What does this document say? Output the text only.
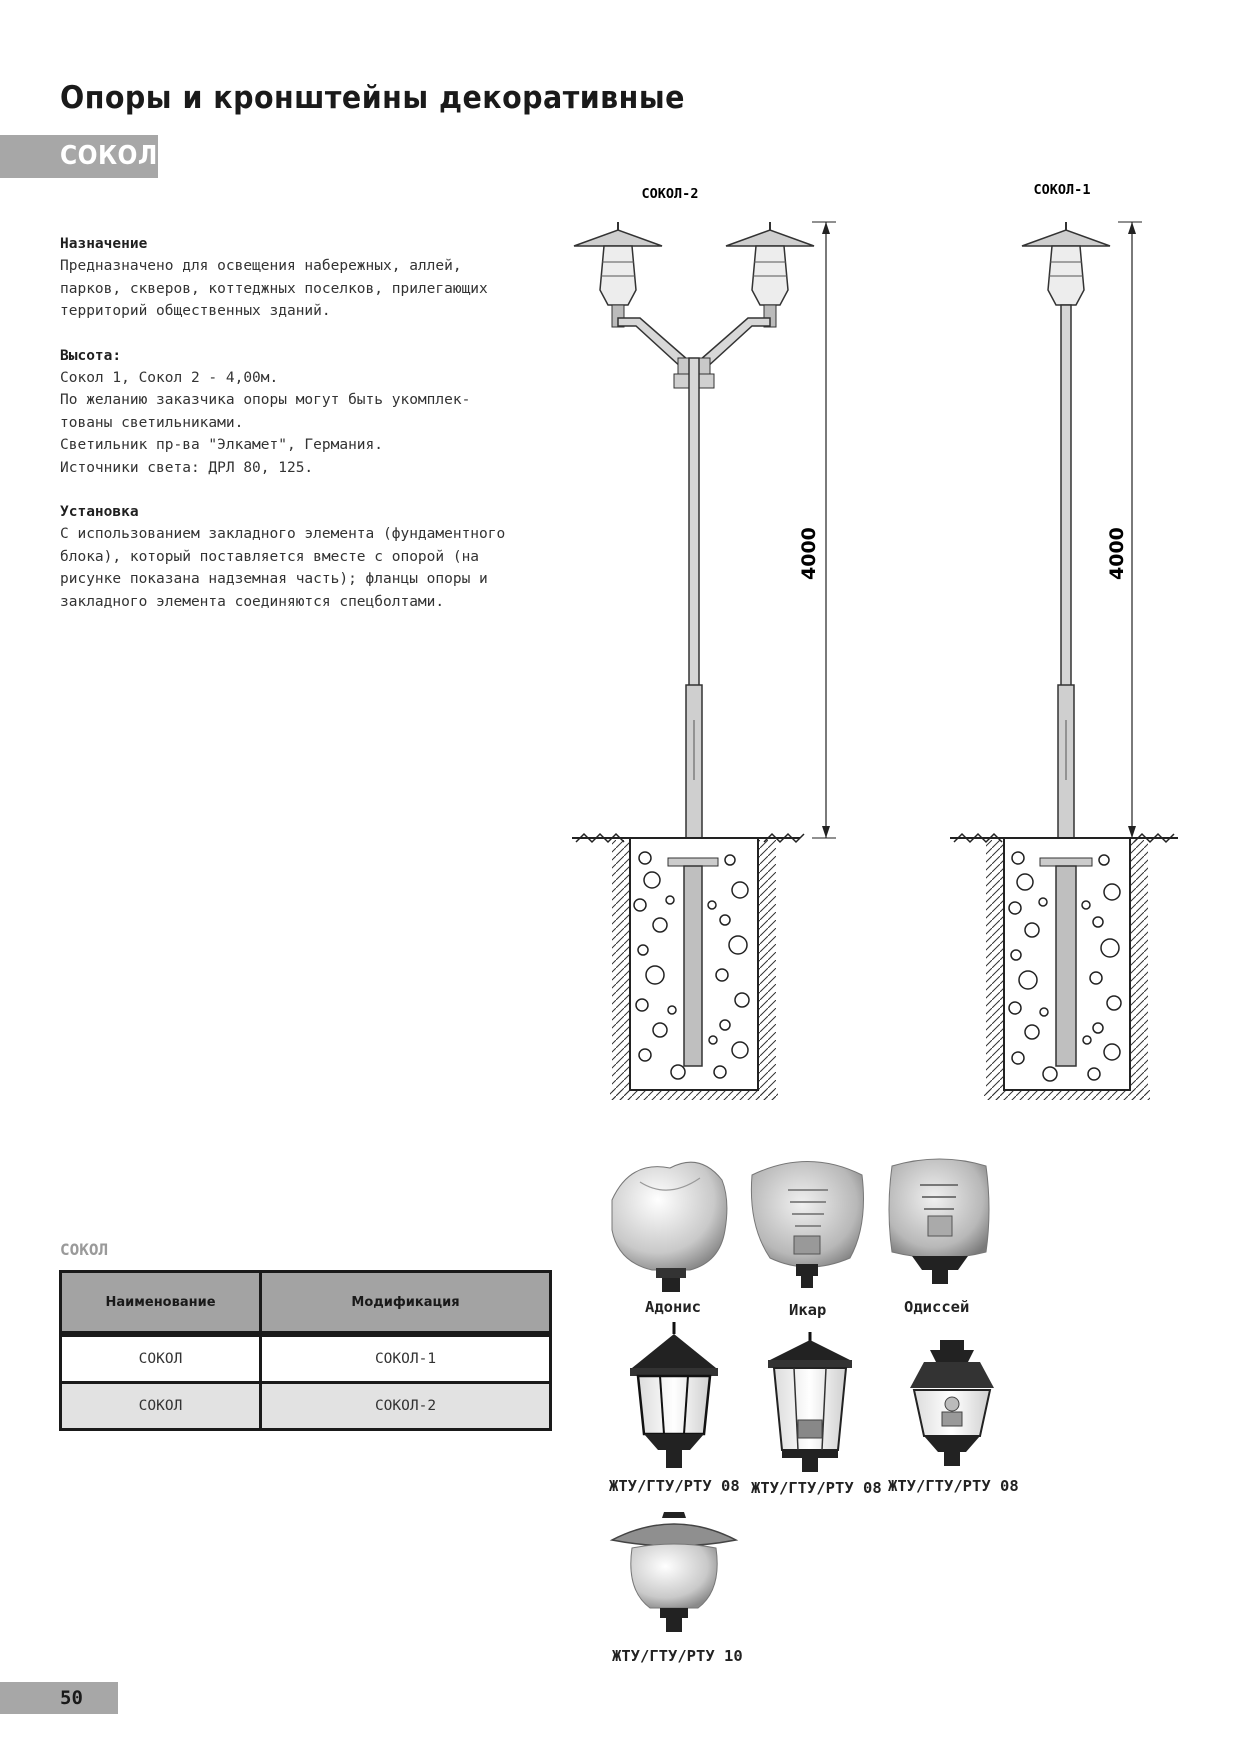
Опоры и кронштейны декоративные
СОКОЛ

Назначение

Предназначено для освещения набережных, аллей,

парков, скверов, коттеджных поселков, прилегающих

территорий общественных зданий.

Высота:

Сокол 1, Сокол 2 - 4,00м.

По желанию заказчика опоры могут быть укомплек-

тованы светильниками.

Светильник пр-ва "Элкамет", Германия.

Источники света: ДРЛ 80, 125.

Установка

С использованием закладного элемента (фундаментного

блока), который поставляется вместе с опорой (на

рисунке показана надземная часть); фланцы опоры и

закладного элемента соединяются спецболтами.

СОКОЛ-2
4000
СОКОЛ-1
4000
Адонис	Икар	Одиссей
ЖТУ/ГТУ/РТУ 08 ЖТУ/ГТУ/РТУ 08 ЖТУ/ГТУ/РТУ 08
ЖТУ/ГТУ/РТУ 10
СОКОЛ
Наименование	Модификация

СОКОЛ	СОКОЛ-1
СОКОЛ	СОКОЛ-2
50
